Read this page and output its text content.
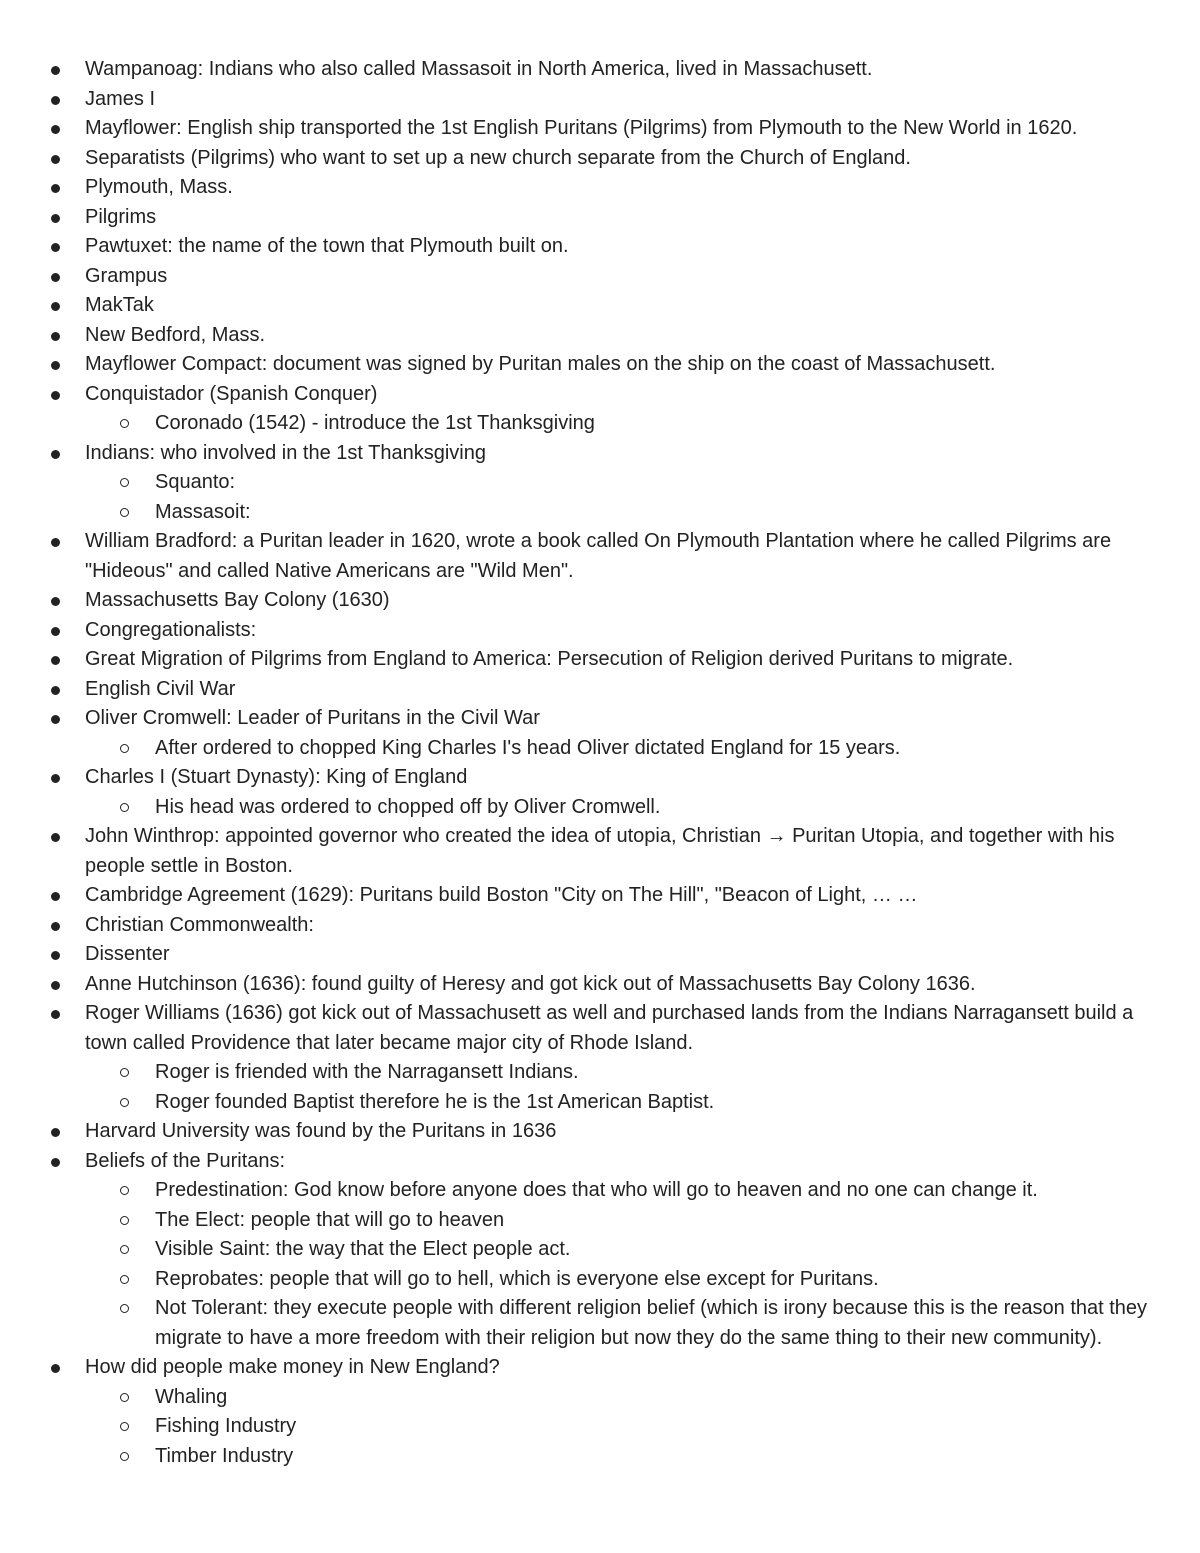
Wampanoag: Indians who also called Massasoit in North America, lived in Massachusett.
James I
Mayflower: English ship transported the 1st English Puritans (Pilgrims) from Plymouth to the New World in 1620.
Separatists (Pilgrims) who want to set up a new church separate from the Church of England.
Plymouth, Mass.
Pilgrims
Pawtuxet: the name of the town that Plymouth built on.
Grampus
MakTak
New Bedford, Mass.
Mayflower Compact: document was signed by Puritan males on the ship on the coast of Massachusett.
Conquistador (Spanish Conquer)
Coronado (1542) - introduce the 1st Thanksgiving
Indians: who involved in the 1st Thanksgiving
Squanto:
Massasoit:
William Bradford: a Puritan leader in 1620, wrote a book called On Plymouth Plantation where he called Pilgrims are "Hideous" and called Native Americans are "Wild Men".
Massachusetts Bay Colony (1630)
Congregationalists:
Great Migration of Pilgrims from England to America: Persecution of Religion derived Puritans to migrate.
English Civil War
Oliver Cromwell: Leader of Puritans in the Civil War
After ordered to chopped King Charles I's head Oliver dictated England for 15 years.
Charles I (Stuart Dynasty): King of England
His head was ordered to chopped off by Oliver Cromwell.
John Winthrop: appointed governor who created the idea of utopia, Christian → Puritan Utopia, and together with his people settle in Boston.
Cambridge Agreement (1629): Puritans build Boston "City on The Hill", "Beacon of Light, … …
Christian Commonwealth:
Dissenter
Anne Hutchinson (1636): found guilty of Heresy and got kick out of Massachusetts Bay Colony 1636.
Roger Williams (1636) got kick out of Massachusett as well and purchased lands from the Indians Narragansett build a town called Providence that later became major city of Rhode Island.
Roger is friended with the Narragansett Indians.
Roger founded Baptist therefore he is the 1st American Baptist.
Harvard University was found by the Puritans in 1636
Beliefs of the Puritans:
Predestination: God know before anyone does that who will go to heaven and no one can change it.
The Elect: people that will go to heaven
Visible Saint: the way that the Elect people act.
Reprobates: people that will go to hell, which is everyone else except for Puritans.
Not Tolerant: they execute people with different religion belief (which is irony because this is the reason that they migrate to have a more freedom with their religion but now they do the same thing to their new community).
How did people make money in New England?
Whaling
Fishing Industry
Timber Industry
